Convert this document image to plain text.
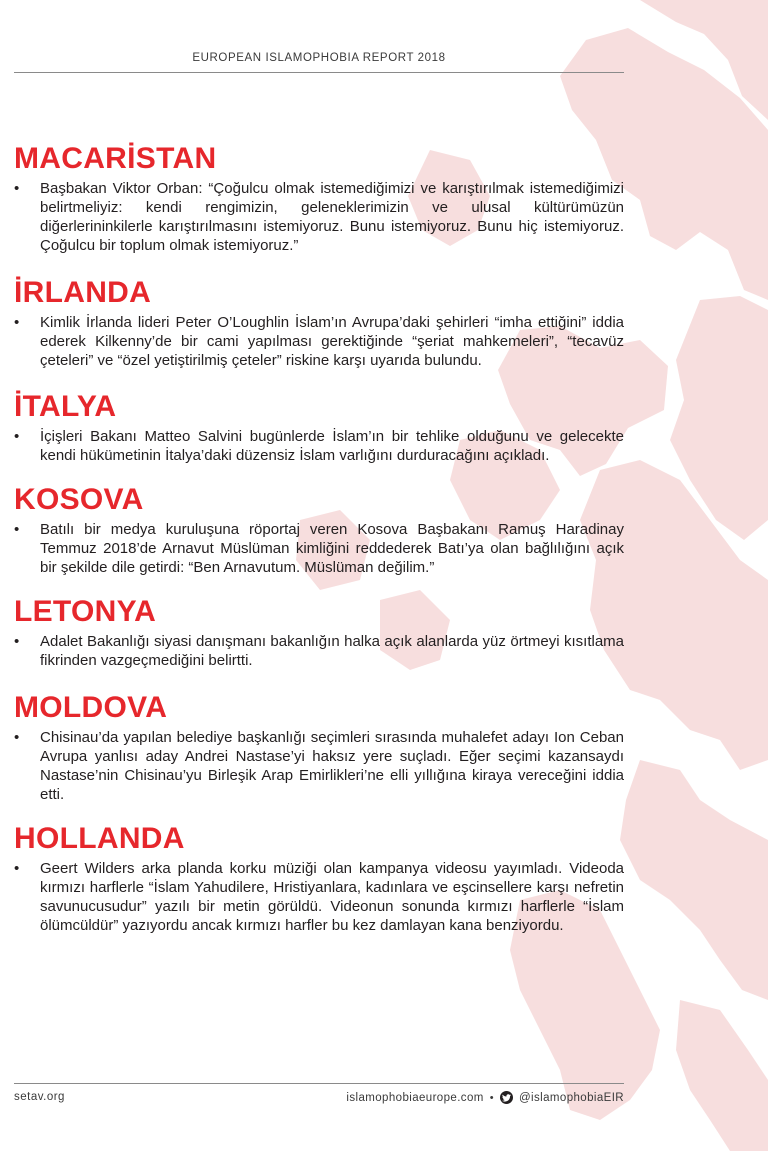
EUROPEAN ISLAMOPHOBIA REPORT 2018
MACARİSTAN
• Başbakan Viktor Orban: “Çoğulcu olmak istemediğimizi ve karıştırılmak istemediğimizi belirtmeliyiz: kendi rengimizin, geleneklerimizin ve ulusal kültürümüzün diğerlerininkilerle karıştırılmasını istemiyoruz. Bunu istemiyoruz. Bunu hiç istemiyoruz. Çoğulcu bir toplum olmak istemiyoruz.”
İRLANDA
• Kimlik İrlanda lideri Peter O’Loughlin İslam’ın Avrupa’daki şehirleri “imha ettiğini” iddia ederek Kilkenny’de bir cami yapılması gerektiğinde “şeriat mahkemeleri”, “tecavüz çeteleri” ve “özel yetiştirilmiş çeteler” riskine karşı uyarıda bulundu.
İTALYA
• İçişleri Bakanı Matteo Salvini bugünlerde İslam’ın bir tehlike olduğunu ve gelecekte kendi hükümetinin İtalya’daki düzensiz İslam varlığını durduracağını açıkladı.
KOSOVA
• Batılı bir medya kuruluşuna röportaj veren Kosova Başbakanı Ramuş Haradinay Temmuz 2018’de Arnavut Müslüman kimliğini reddederek Batı’ya olan bağlılığını açık bir şekilde dile getirdi: “Ben Arnavutum. Müslüman değilim.”
LETONYA
• Adalet Bakanlığı siyasi danışmanı bakanlığın halka açık alanlarda yüz örtmeyi kısıtlama fikrinden vazgeçmediğini belirtti.
MOLDOVA
• Chisinau’da yapılan belediye başkanlığı seçimleri sırasında muhalefet adayı Ion Ceban Avrupa yanlısı aday Andrei Nastase’yi haksız yere suçladı. Eğer seçimi kazansaydı Nastase’nin Chisinau’yu Birleşik Arap Emirlikleri’ne elli yıllığına kiraya vereceğini iddia etti.
HOLLANDA
• Geert Wilders arka planda korku müziği olan kampanya videosu yayımladı. Videoda kırmızı harflerle “İslam Yahudilere, Hristiyanlara, kadınlara ve eşcinsellere karşı nefretin savunucusudur” yazılı bir metin görüldü. Videonun sonunda kırmızı harflerle “İslam ölümcüldür” yazıyordu ancak kırmızı harfler bu kez damlayan kana benziyordu.
setav.org	islamophobiaeurope.com • @islamophobiaEIR
